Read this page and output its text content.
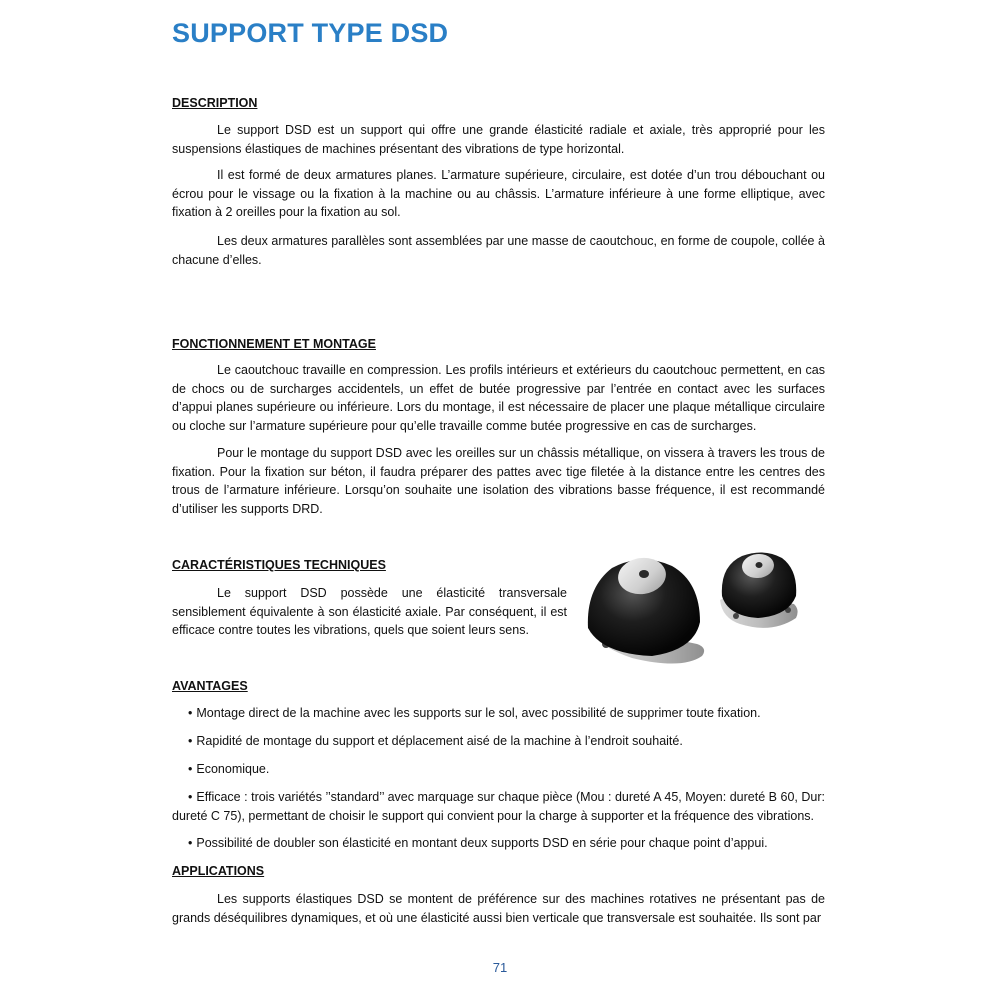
SUPPORT TYPE DSD
DESCRIPTION

Le support DSD est un support qui offre une grande élasticité radiale et axiale, très approprié pour les suspensions élastiques de machines présentant des vibrations de type horizontal.

Il est formé de deux armatures planes. L’armature supérieure, circulaire, est dotée d’un trou débouchant ou écrou pour le vissage ou la fixation à la machine ou au châssis. L’armature inférieure à une forme elliptique, avec fixation à 2 oreilles pour la fixation au sol.

Les deux armatures parallèles sont assemblées par une masse de caoutchouc, en forme de coupole, collée à chacune d’elles.

FONCTIONNEMENT ET MONTAGE

Le caoutchouc travaille en compression. Les profils intérieurs et extérieurs du caoutchouc permettent, en cas de chocs ou de surcharges accidentels, un effet de butée progressive par l’entrée en contact avec les surfaces d’appui planes supérieure ou inférieure. Lors du montage, il est nécessaire de placer une plaque métallique circulaire ou cloche sur l’armature supérieure pour qu’elle travaille comme butée progressive en cas de surcharges.

Pour le montage du support DSD avec les oreilles sur un châssis métallique, on vissera à travers les trous de fixation. Pour la fixation sur béton, il faudra préparer des pattes avec tige filetée à la distance entre les centres des trous de l’armature inférieure. Lorsqu’on souhaite une isolation des vibrations basse fréquence, il est recommandé d’utiliser les supports DRD.

CARACTÉRISTIQUES TECHNIQUES

Le support DSD possède une élasticité transversale sensiblement équivalente à son élasticité axiale. Par conséquent, il est efficace contre toutes les vibrations, quels que soient leurs sens.

AVANTAGES

• Montage direct de la machine avec les supports sur le sol, avec possibilité de supprimer toute fixation.

• Rapidité de montage du support et déplacement aisé de la machine à l’endroit souhaité.

• Economique.

• Efficace : trois variétés ’’standard’’ avec marquage sur chaque pièce (Mou : dureté A 45, Moyen: dureté B 60, Dur: dureté C 75), permettant de choisir le support qui convient pour la charge à supporter et la fréquence des vibrations.

• Possibilité de doubler son élasticité en montant deux supports DSD en série pour chaque point d’appui.

APPLICATIONS

Les supports élastiques DSD se montent de préférence sur des machines rotatives ne présentant pas de grands déséquilibres dynamiques, et où une élasticité aussi bien verticale que transversale est souhaitée. Ils sont par

71
